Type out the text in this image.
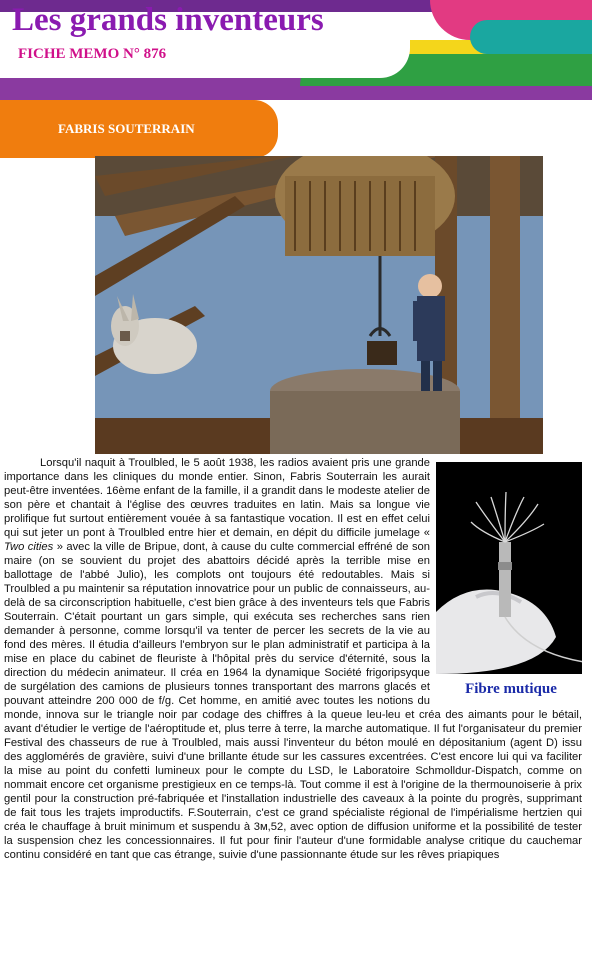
Les grands inventeurs
FICHE MEMO N° 876
FABRIS SOUTERRAIN
Fibre mutique

Lorsqu'il naquit à Troulbled, le 5 août 1938, les radios avaient pris une grande importance dans les cliniques du monde entier. Sinon, Fabris Souterrain les aurait peut-être inventées. 16ème enfant de la famille, il a grandit dans le modeste atelier de son père et chantait à l'église des œuvres traduites en latin. Mais sa longue vie prolifique fut surtout entièrement vouée à sa fantastique vocation. Il est en effet celui qui sut jeter un pont à Troulbled entre hier et demain, en dépit du difficile jumelage « Two cities » avec la ville de Bripue, dont, à cause du culte commercial effréné de son maire (on se souvient du projet des abattoirs décidé après la terrible mise en ballottage de l'abbé Julio), les complots ont toujours été redoutables. Mais si Troulbled a pu maintenir sa réputation innovatrice pour un public de connaisseurs, au-delà de sa circonscription habituelle, c'est bien grâce à des inventeurs tels que Fabris Souterrain. C'était pourtant un gars simple, qui exécuta ses recherches sans rien demander à personne, comme lorsqu'il va tenter de percer les secrets de la vie au fond des mères. Il étudia d'ailleurs l'embryon sur le plan administratif et participa à la mise en place du cabinet de fleuriste à l'hôpital près du service d'éternité, sous la direction du médecin animateur. Il créa en 1964 la dynamique Société frigoripsyque de surgélation des camions de plusieurs tonnes transportant des marrons glacés et pouvant atteindre 200 000 de f/g. Cet homme, en amitié avec toutes les notions du monde, innova sur le triangle noir par codage des chiffres à la queue leu-leu et créa des aimants pour le bétail, avant d'étudier le vertige de l'aéroptitude et, plus terre à terre, la marche automatique. Il fut l'organisateur du premier Festival des chasseurs de rue à Troulbled, mais aussi l'inventeur du béton moulé en dépositanium (agent D) issu des agglomérés de gravière, suivi d'une brillante étude sur les cassures excentrées. C'est encore lui qui va faciliter la mise au point du confetti lumineux pour le compte du LSD, le Laboratoire Schmolldur-Dispatch, comme on nommait encore cet organisme prestigieux en ce temps-là. Tout comme il est à l'origine de la thermounoiserie à prix gentil pour la construction pré-fabriquée et l'installation industrielle des caveaux à la pointe du progrès, supprimant de fait tous les trajets improductifs. F.Souterrain, c'est ce grand spécialiste régional de l'impérialisme hertzien qui créa le chauffage à bruit minimum et suspendu à 3м,52, avec option de diffusion uniforme et la possibilité de tester la suspension chez les concessionnaires. Il fut pour finir l'auteur d'une formidable analyse critique du cauchemar continu considéré en tant que cas étrange, suivie d'une passionnante étude sur les rêves priapiques
